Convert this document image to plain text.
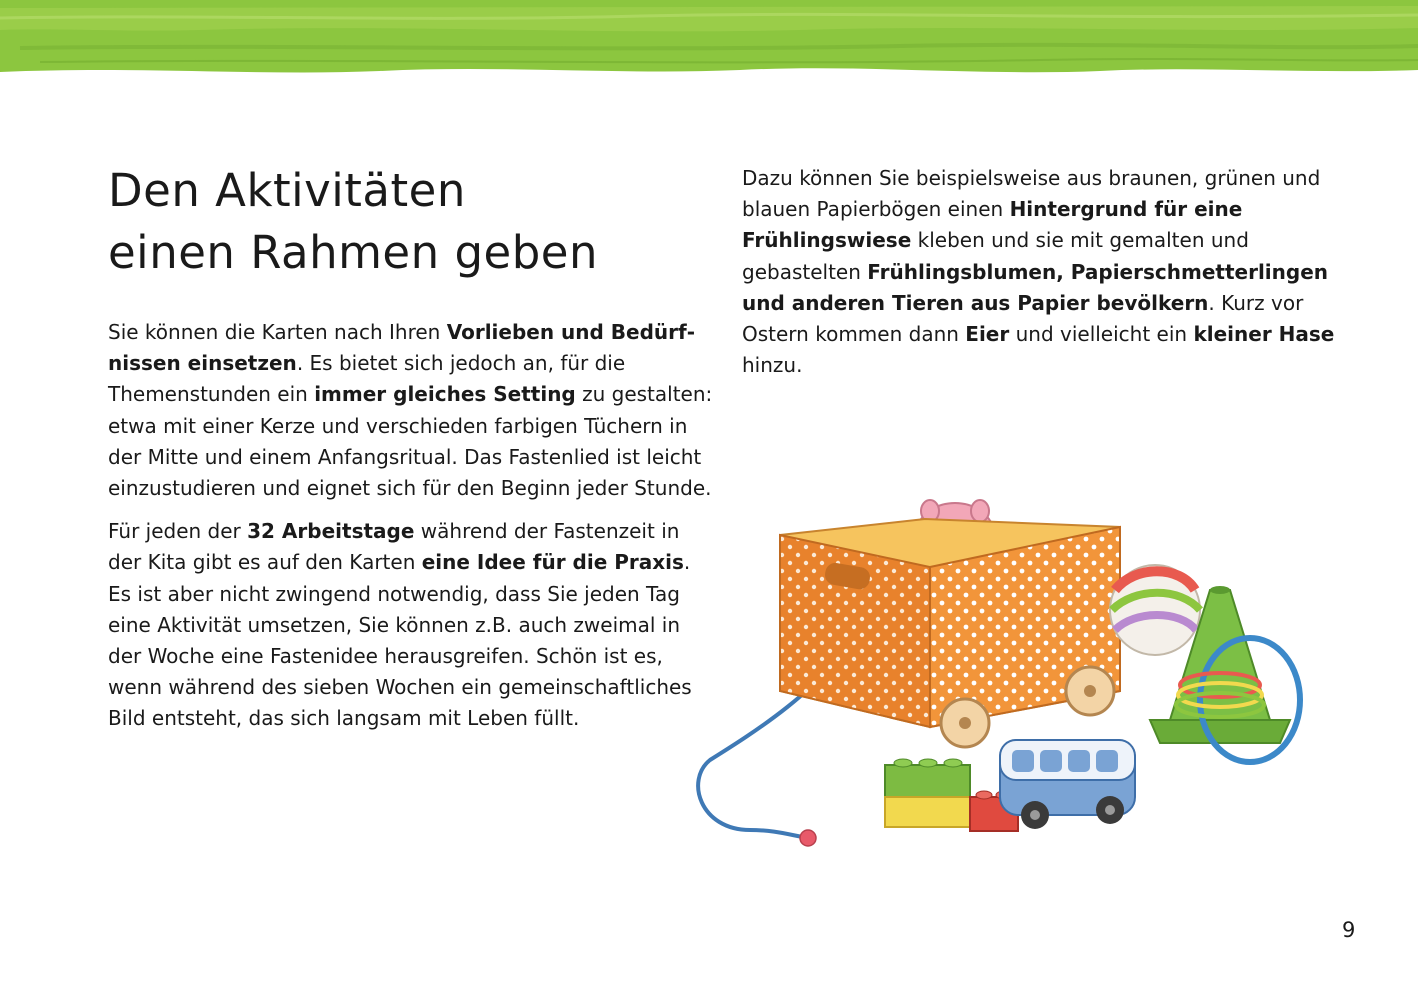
Den Aktivitäten
einen Rahmen geben

Sie können die Karten nach Ihren Vorlieben und Bedürfnissen einsetzen. Es bietet sich jedoch an, für die Themenstunden ein immer gleiches Setting zu gestalten: etwa mit einer Kerze und verschieden farbigen Tüchern in der Mitte und einem Anfangsritual. Das Fastenlied ist leicht einzustudieren und eignet sich für den Beginn jeder Stunde.

Für jeden der 32 Arbeitstage während der Fastenzeit in der Kita gibt es auf den Karten eine Idee für die Praxis. Es ist aber nicht zwingend notwendig, dass Sie jeden Tag eine Aktivität umsetzen, Sie können z.B. auch zweimal in der Woche eine Fastenidee herausgreifen. Schön ist es, wenn während des sieben Wochen ein gemeinschaftliches Bild entsteht, das sich langsam mit Leben füllt.

Dazu können Sie beispielsweise aus braunen, grünen und blauen Papierbögen einen Hintergrund für eine Frühlingswiese kleben und sie mit gemalten und gebastelten Frühlingsblumen, Papierschmetterlingen und anderen Tieren aus Papier bevölkern. Kurz vor Ostern kommen dann Eier und vielleicht ein kleiner Hase hinzu.

9
